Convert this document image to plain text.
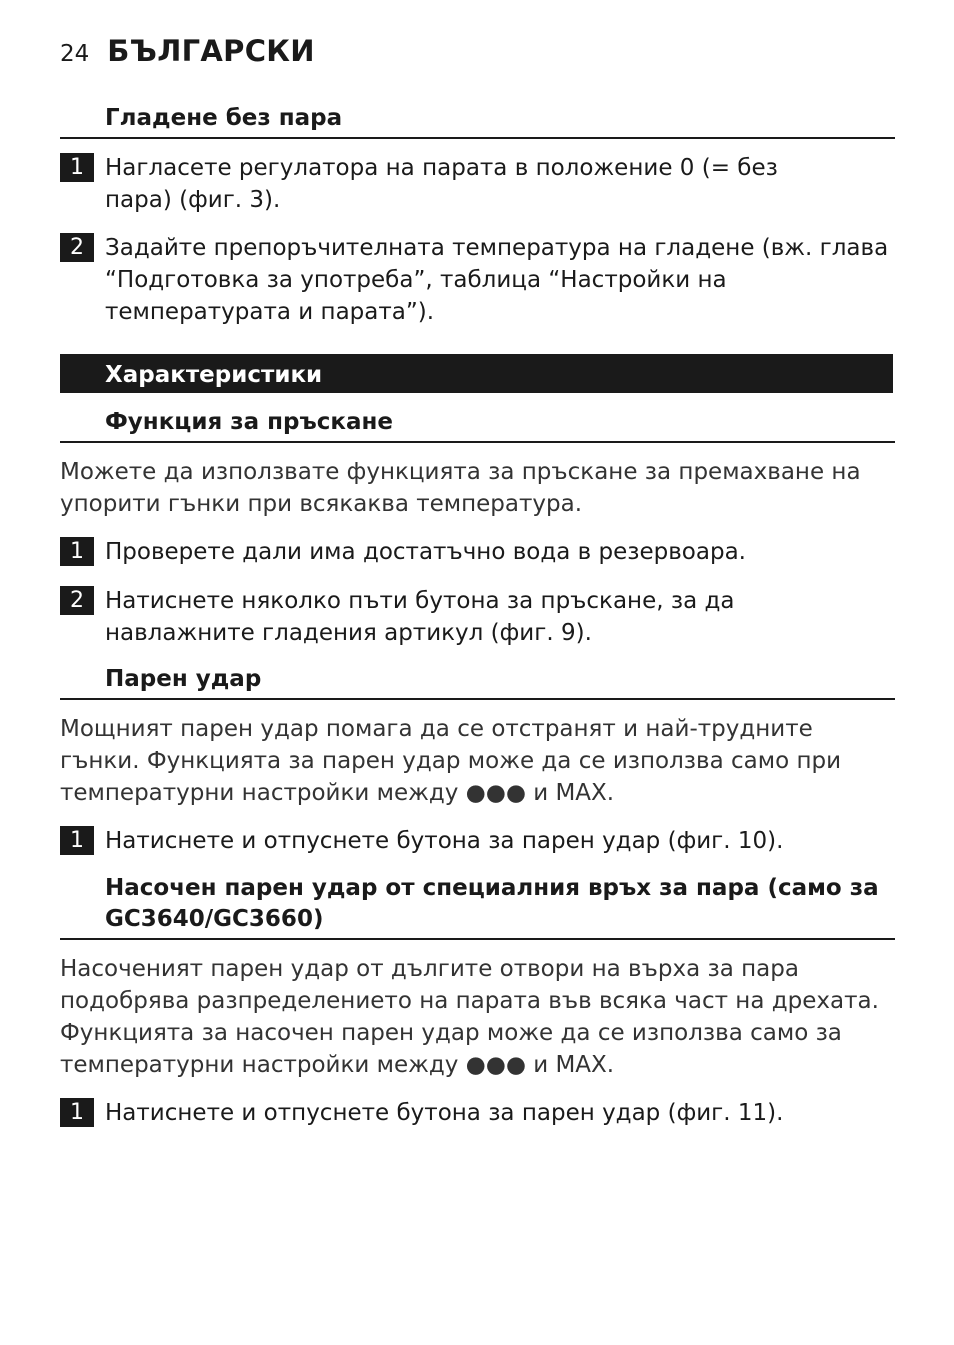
24 БЪЛГАРСКИ
Гладене без пара
1 Нагласете регулатора на парата в положение 0 (= без пара) (фиг. 3).
2 Задайте препоръчителната температура на гладене (вж. глава “Подготовка за употреба”, таблица “Настройки на температурата и парата”).
Характеристики
Функция за пръскане
Можете да използвате функцията за пръскане за премахване на упорити гънки при всякаква температура.
1 Проверете дали има достатъчно вода в резервоара.
2 Натиснете няколко пъти бутона за пръскане, за да навлажните гладения артикул (фиг. 9).
Парен удар
Мощният парен удар помага да се отстранят и най-трудните гънки. Функцията за парен удар може да се използва само при температурни настройки между ●●● и MAX.
1 Натиснете и отпуснете бутона за парен удар (фиг. 10).
Насочен парен удар от специалния връх за пара (само за GC3640/GC3660)
Насоченият парен удар от дългите отвори на върха за пара подобрява разпределението на парата във всяка част на дрехата. Функцията за насочен парен удар може да се използва само за температурни настройки между ●●● и MAX.
1 Натиснете и отпуснете бутона за парен удар (фиг. 11).
